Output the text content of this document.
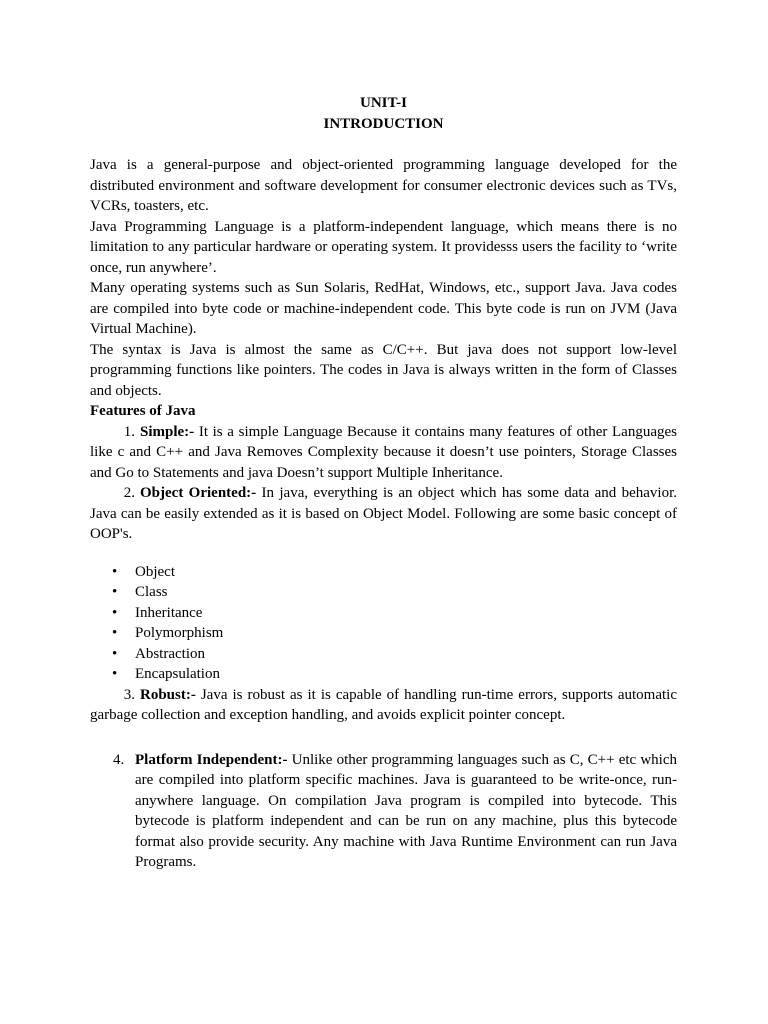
UNIT-I
INTRODUCTION

Java is a general-purpose and object-oriented programming language developed for the distributed environment and software development for consumer electronic devices such as TVs, VCRs, toasters, etc.

Java Programming Language is a platform-independent language, which means there is no limitation to any particular hardware or operating system. It providesss users the facility to ‘write once, run anywhere’.

Many operating systems such as Sun Solaris, RedHat, Windows, etc., support Java. Java codes are compiled into byte code or machine-independent code. This byte code is run on JVM (Java Virtual Machine).

The syntax is Java is almost the same as C/C++. But java does not support low-level programming functions like pointers. The codes in Java is always written in the form of Classes and objects.

Features of Java

1. Simple:- It is a simple Language Because it contains many features of other Languages like c and C++ and Java Removes Complexity because it doesn’t use pointers, Storage Classes and Go to Statements and java Doesn’t support Multiple Inheritance.

2. Object Oriented:- In java, everything is an object which has some data and behavior. Java can be easily extended as it is based on Object Model. Following are some basic concept of OOP's.

• Object
• Class
• Inheritance
• Polymorphism
• Abstraction
• Encapsulation

3. Robust:- Java is robust as it is capable of handling run-time errors, supports automatic garbage collection and exception handling, and avoids explicit pointer concept.

4. Platform Independent:- Unlike other programming languages such as C, C++ etc which are compiled into platform specific machines. Java is guaranteed to be write-once, run-anywhere language. On compilation Java program is compiled into bytecode. This bytecode is platform independent and can be run on any machine, plus this bytecode format also provide security. Any machine with Java Runtime Environment can run Java Programs.
